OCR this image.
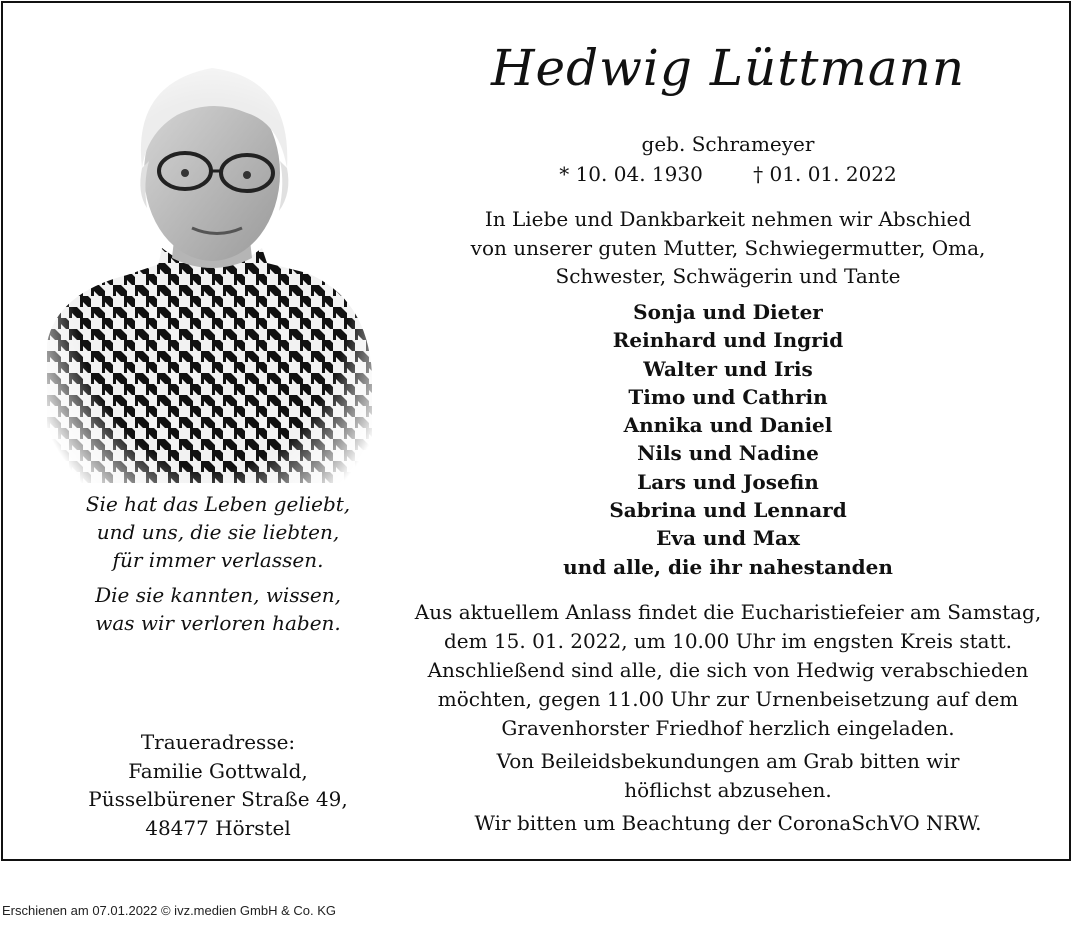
Sie hat das Leben geliebt,
und uns, die sie liebten,
für immer verlassen.

Die sie kannten, wissen,
was wir verloren haben.

Traueradresse:
Familie Gottwald,
Püsselbürener Straße 49,
48477 Hörstel
Hedwig Lüttmann
geb. Schrameyer
* 10. 04. 1930	† 01. 01. 2022
In Liebe und Dankbarkeit nehmen wir Abschied
von unserer guten Mutter, Schwiegermutter, Oma,
Schwester, Schwägerin und Tante
Sonja und Dieter
Reinhard und Ingrid
Walter und Iris
Timo und Cathrin
Annika und Daniel
Nils und Nadine
Lars und Josefin
Sabrina und Lennard
Eva und Max
und alle, die ihr nahestanden

Aus aktuellem Anlass findet die Eucharistiefeier am Samstag,
dem 15. 01. 2022, um 10.00 Uhr im engsten Kreis statt.
Anschließend sind alle, die sich von Hedwig verabschieden
möchten, gegen 11.00 Uhr zur Urnenbeisetzung auf dem
Gravenhorster Friedhof herzlich eingeladen.

Von Beileidsbekundungen am Grab bitten wir
höflichst abzusehen.

Wir bitten um Beachtung der CoronaSchVO NRW.

Erschienen am 07.01.2022 © ivz.medien GmbH & Co. KG
